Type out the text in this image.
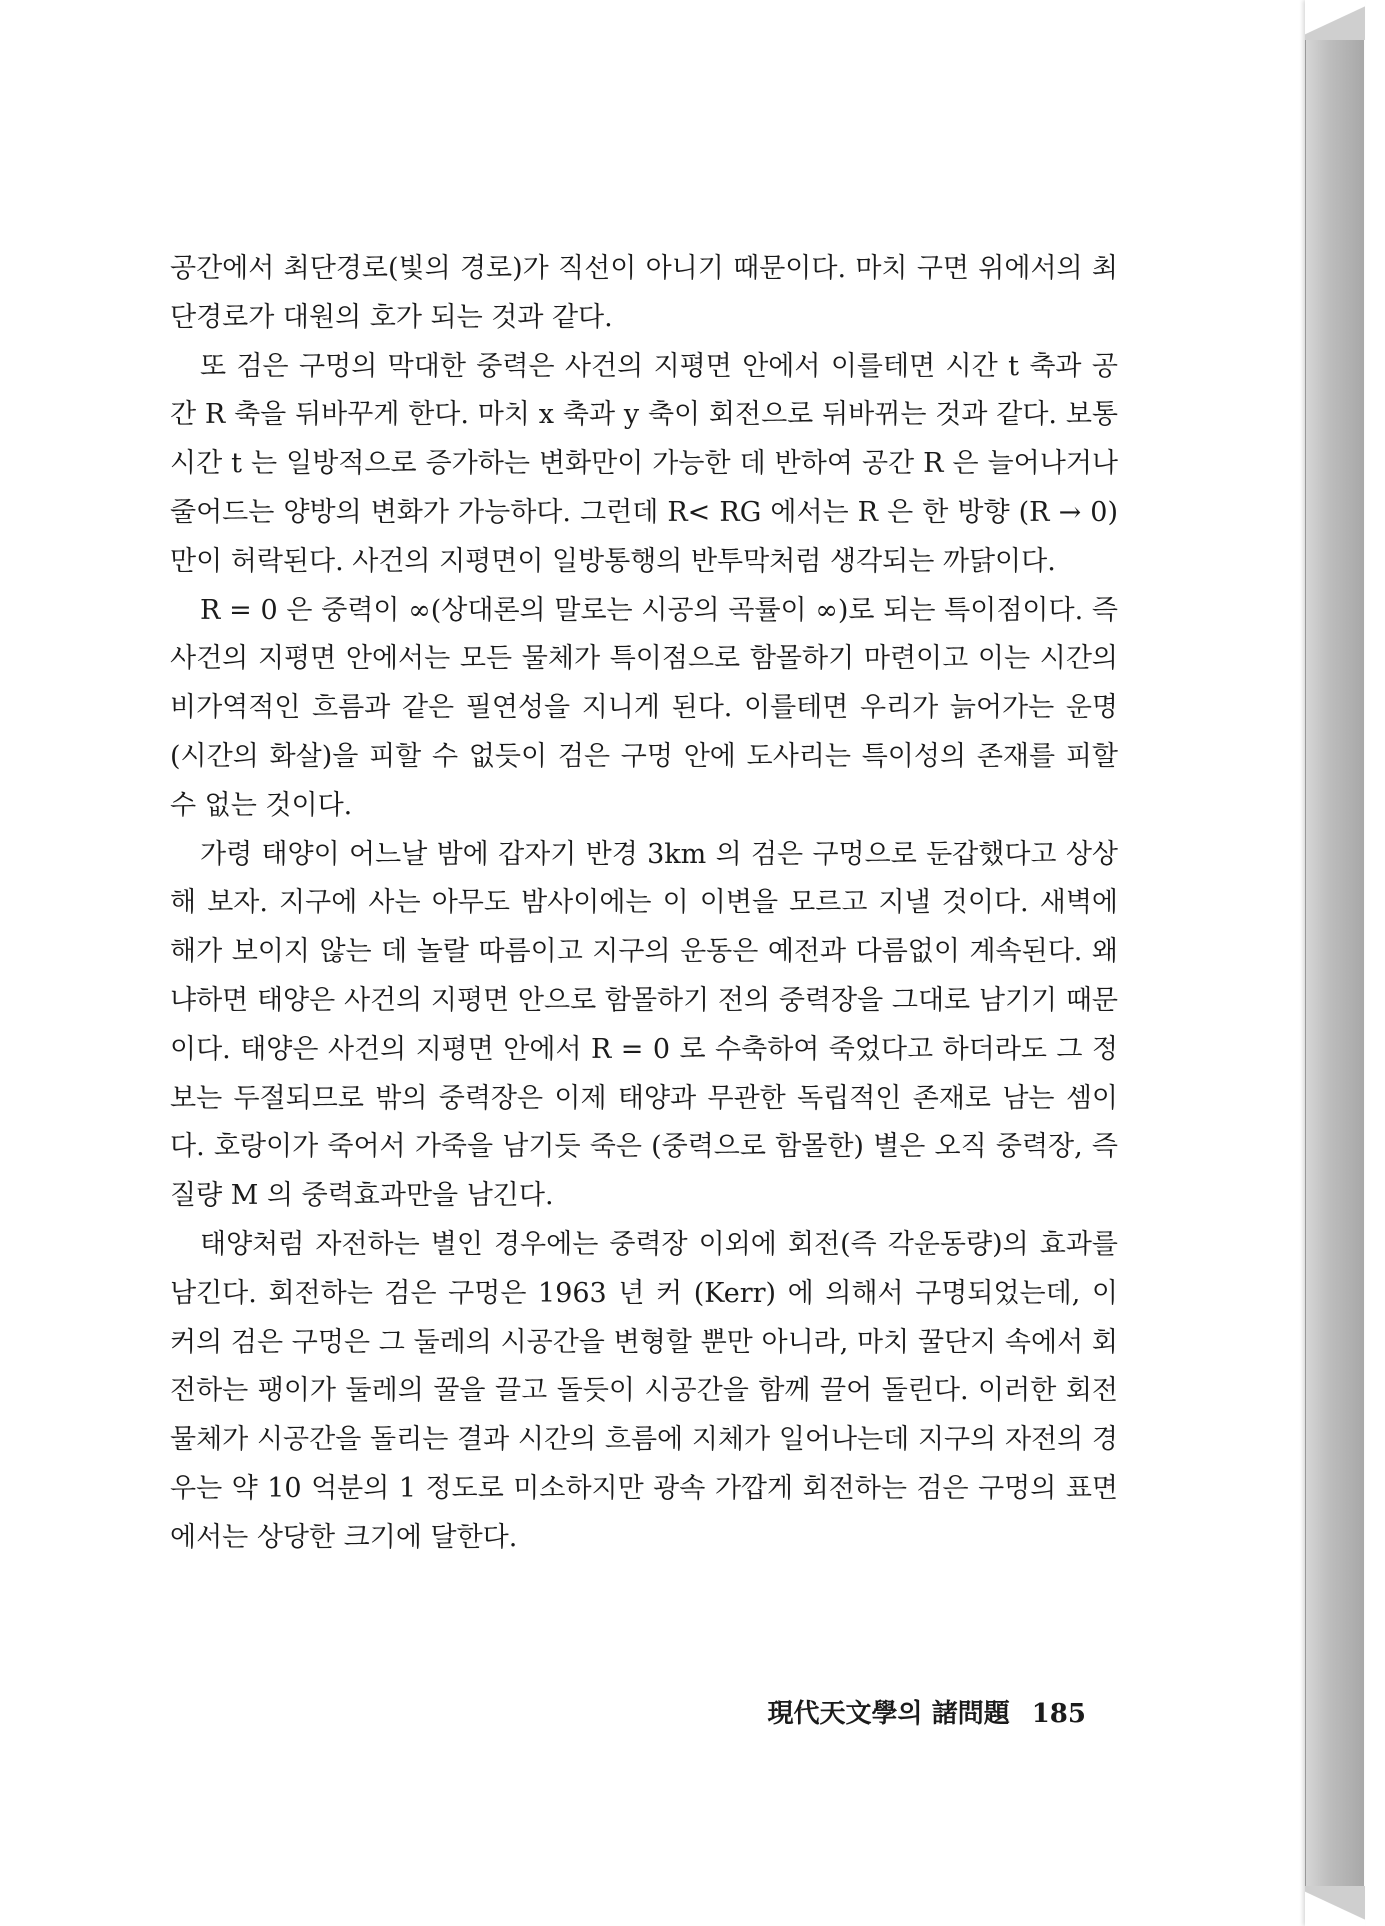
공간에서 최단경로(빛의 경로)가 직선이 아니기 때문이다. 마치 구면 위에서의 최단경로가 대원의 호가 되는 것과 같다.

또 검은 구멍의 막대한 중력은 사건의 지평면 안에서 이를테면 시간 t 축과 공간 R 축을 뒤바꾸게 한다. 마치 x 축과 y 축이 회전으로 뒤바뀌는 것과 같다. 보통 시간 t 는 일방적으로 증가하는 변화만이 가능한 데 반하여 공간 R 은 늘어나거나 줄어드는 양방의 변화가 가능하다. 그런데 R< RG 에서는 R 은 한 방향 (R → 0)만이 허락된다. 사건의 지평면이 일방통행의 반투막처럼 생각되는 까닭이다.

R = 0 은 중력이 ∞(상대론의 말로는 시공의 곡률이 ∞)로 되는 특이점이다. 즉 사건의 지평면 안에서는 모든 물체가 특이점으로 함몰하기 마련이고 이는 시간의 비가역적인 흐름과 같은 필연성을 지니게 된다. 이를테면 우리가 늙어가는 운명(시간의 화살)을 피할 수 없듯이 검은 구멍 안에 도사리는 특이성의 존재를 피할 수 없는 것이다.

가령 태양이 어느날 밤에 갑자기 반경 3km 의 검은 구멍으로 둔갑했다고 상상해 보자. 지구에 사는 아무도 밤사이에는 이 이변을 모르고 지낼 것이다. 새벽에 해가 보이지 않는 데 놀랄 따름이고 지구의 운동은 예전과 다름없이 계속된다. 왜냐하면 태양은 사건의 지평면 안으로 함몰하기 전의 중력장을 그대로 남기기 때문이다. 태양은 사건의 지평면 안에서 R = 0 로 수축하여 죽었다고 하더라도 그 정보는 두절되므로 밖의 중력장은 이제 태양과 무관한 독립적인 존재로 남는 셈이다. 호랑이가 죽어서 가죽을 남기듯 죽은 (중력으로 함몰한) 별은 오직 중력장, 즉 질량 M 의 중력효과만을 남긴다.

태양처럼 자전하는 별인 경우에는 중력장 이외에 회전(즉 각운동량)의 효과를 남긴다. 회전하는 검은 구멍은 1963 년 커 (Kerr) 에 의해서 구명되었는데, 이 커의 검은 구멍은 그 둘레의 시공간을 변형할 뿐만 아니라, 마치 꿀단지 속에서 회전하는 팽이가 둘레의 꿀을 끌고 돌듯이 시공간을 함께 끌어 돌린다. 이러한 회전 물체가 시공간을 돌리는 결과 시간의 흐름에 지체가 일어나는데 지구의 자전의 경우는 약 10 억분의 1 정도로 미소하지만 광속 가깝게 회전하는 검은 구멍의 표면에서는 상당한 크기에 달한다.

現代天文學의 諸問題 185
